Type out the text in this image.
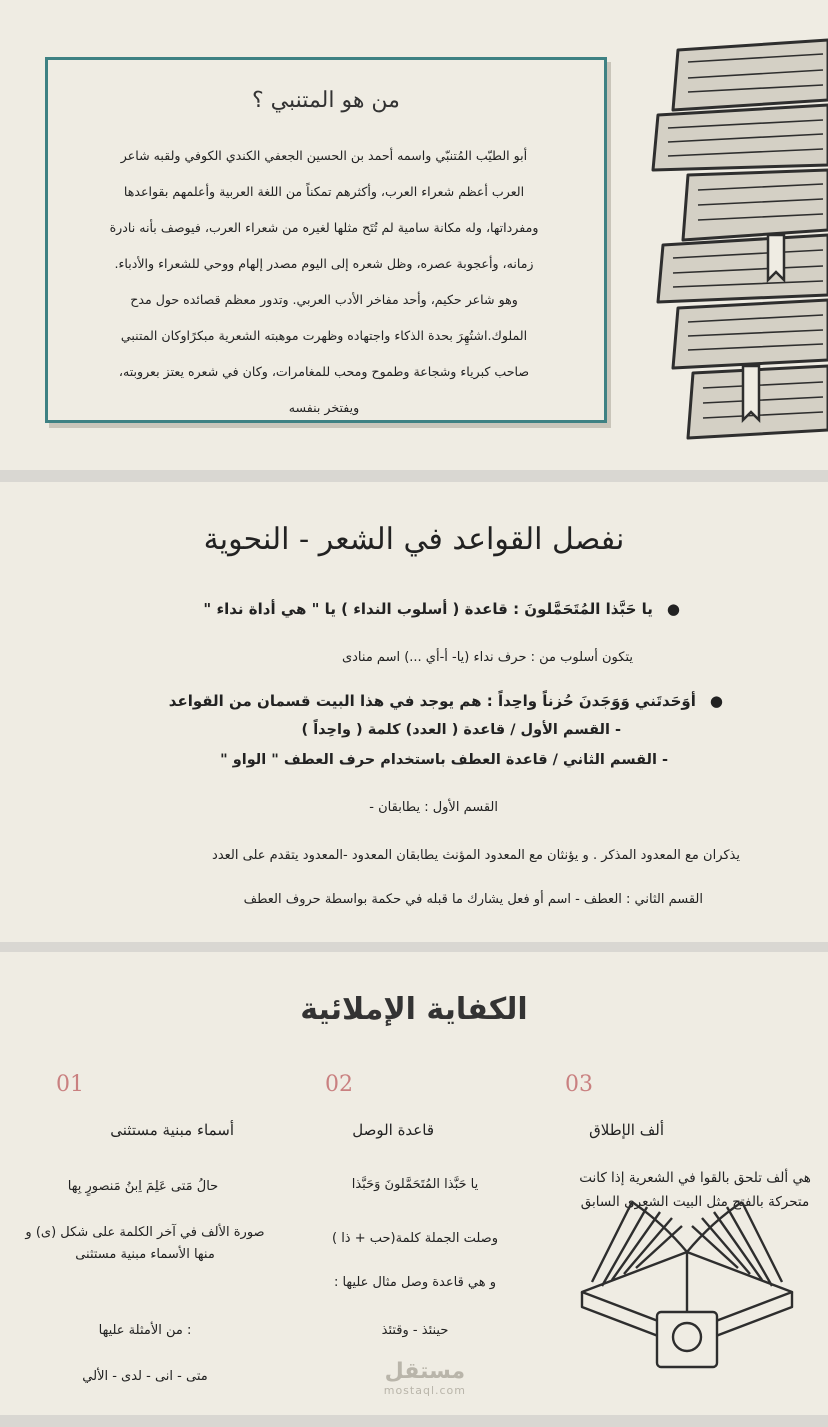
من هو المتنبي ؟
أبو الطيّب المُتنبّي واسمه أحمد بن الحسين الجعفي الكندي الكوفي ولقبه شاعر
العرب أعظم شعراء العرب، وأكثرهم تمكناً من اللغة العربية وأعلمهم بقواعدها
ومفرداتها، وله مكانة سامية لم تُتَح مثلها لغيره من شعراء العرب، فيوصف بأنه نادرة
زمانه، وأعجوبة عصره، وظل شعره إلى اليوم مصدر إلهام ووحي للشعراء والأدباء.
وهو شاعر حكيم، وأحد مفاخر الأدب العربي. وتدور معظم قصائده حول مدح
الملوك.اشتُهِرَ بحدة الذكاء واجتهاده وظهرت موهبته الشعرية مبكرًاوكان المتنبي
صاحب كبرياء وشجاعة وطموح ومحب للمغامرات، وكان في شعره يعتز بعروبته،
ويفتخر بنفسه
نفصل القواعد في الشعر - النحوية
●يا حَبَّذا المُتَحَمَّلونَ : قاعدة ( أسلوب النداء ) يا " هي أداة نداء "
يتكون أسلوب من : حرف نداء (يا- أ-أي ...) اسم منادى
●أوَحَدتَني وَوَجَدنَ حُزناً واحِداً : هم يوجد في هذا البيت قسمان من القواعد
- القسم الأول / قاعدة ( العدد) كلمة ( واحِداً )
- القسم الثاني / قاعدة العطف باستخدام حرف العطف " الواو "
القسم الأول : يطابقان -
يذكران مع المعدود المذكر . و يؤنثان مع المعدود المؤنث يطابقان المعدود -المعدود يتقدم على العدد
القسم الثاني : العطف - اسم أو فعل يشارك ما قبله في حكمة بواسطة حروف العطف
الكفاية الإملائية
01
أسماء مبنية مستثنى
حالُ مَتى عَلِمَ اِبنُ مَنصورٍ بِها
صورة الألف في آخر الكلمة على شكل (ى) و منها الأسماء مبنية مستثنى
: من الأمثلة عليها
متى - انى - لدى - الألي
02
قاعدة الوصل
يا حَبَّذا المُتَحَمَّلونَ وَحَبَّذا
وصلت الجملة كلمة(حب + ذا )
و هي قاعدة وصل مثال عليها :
حينئذ - وقتئذ
03
ألف الإطلاق
هي ألف تلحق بالقوا في الشعرية إذا كانت متحركة بالفتح مثل البيت الشعري السابق
مستقل
mostaql.com
